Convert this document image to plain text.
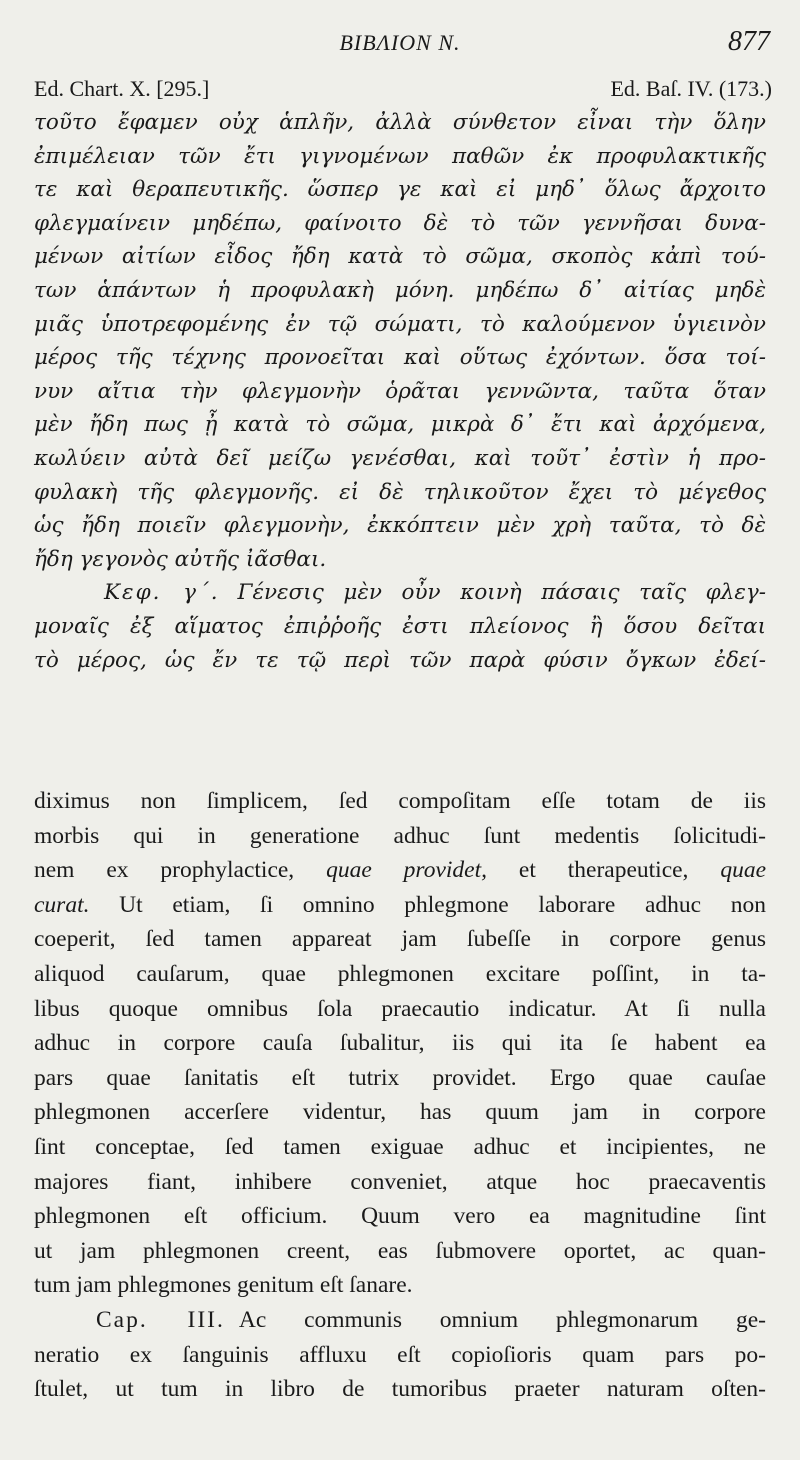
BIBΛIOΝ Ν.	877
Ed. Chart. X. [295.]	Ed. Baſ. IV. (173.)
τοῦτο ἔφαμεν οὐχ ἁπλῆν, ἀλλὰ σύνθετον εἶναι τὴν ὅλην
ἐπιμέλειαν τῶν ἔτι γιγνομένων παθῶν ἐκ προφυλακτικῆς
τε καὶ θεραπευτικῆς. ὥσπερ γε καὶ εἰ μηδ᾽ ὅλως ἄρχοιτο
φλεγμαίνειν μηδέπω, φαίνοιτο δὲ τὸ τῶν γεννῆσαι δυνα-
μένων αἰτίων εἶδος ἤδη κατὰ τὸ σῶμα, σκοπὸς κἀπὶ τού-
των ἁπάντων ἡ προφυλακὴ μόνη. μηδέπω δ᾽ αἰτίας μηδὲ
μιᾶς ὑποτρεφομένης ἐν τῷ σώματι, τὸ καλούμενον ὑγιεινὸν
μέρος τῆς τέχνης προνοεῖται καὶ οὕτως ἐχόντων. ὅσα τοί-
νυν αἴτια τὴν φλεγμονὴν ὁρᾶται γεννῶντα, ταῦτα ὅταν
μὲν ἤδη πως ᾖ κατὰ τὸ σῶμα, μικρὰ δ᾽ ἔτι καὶ ἀρχόμενα,
κωλύειν αὐτὰ δεῖ μείζω γενέσθαι, καὶ τοῦτ᾽ ἐστὶν ἡ προ-
φυλακὴ τῆς φλεγμονῆς. εἰ δὲ τηλικοῦτον ἔχει τὸ μέγεθος
ὡς ἤδη ποιεῖν φλεγμονὴν, ἐκκόπτειν μὲν χρὴ ταῦτα, τὸ δὲ
ἤδη γεγονὸς αὐτῆς ἰᾶσθαι.
Κεφ. γ΄. Γένεσις μὲν οὖν κοινὴ πάσαις ταῖς φλεγ-
μοναῖς ἐξ αἵματος ἐπιῤῥοῆς ἐστι πλείονος ἢ ὅσου δεῖται
τὸ μέρος, ὡς ἔν τε τῷ περὶ τῶν παρὰ φύσιν ὄγκων ἐδεί-
diximus non ſimplicem, ſed compoſitam eſſe totam de iis
morbis qui in generatione adhuc ſunt medentis ſolicitudi-
nem ex prophylactice, quae providet, et therapeutice, quae
curat. Ut etiam, ſi omnino phlegmone laborare adhuc non
coeperit, ſed tamen appareat jam ſubeſſe in corpore genus
aliquod cauſarum, quae phlegmonen excitare poſſint, in ta-
libus quoque omnibus ſola praecautio indicatur. At ſi nulla
adhuc in corpore cauſa ſubalitur, iis qui ita ſe habent ea
pars quae ſanitatis eſt tutrix providet. Ergo quae cauſae
phlegmonen accerſere videntur, has quum jam in corpore
ſint conceptae, ſed tamen exiguae adhuc et incipientes, ne
majores fiant, inhibere conveniet, atque hoc praecaventis
phlegmonen eſt officium. Quum vero ea magnitudine ſint
ut jam phlegmonen creent, eas ſubmovere oportet, ac quan-
tum jam phlegmones genitum eſt ſanare.
Cap. III. Ac communis omnium phlegmonarum ge-
neratio ex ſanguinis affluxu eſt copioſioris quam pars po-
ſtulet, ut tum in libro de tumoribus praeter naturam oſten-
